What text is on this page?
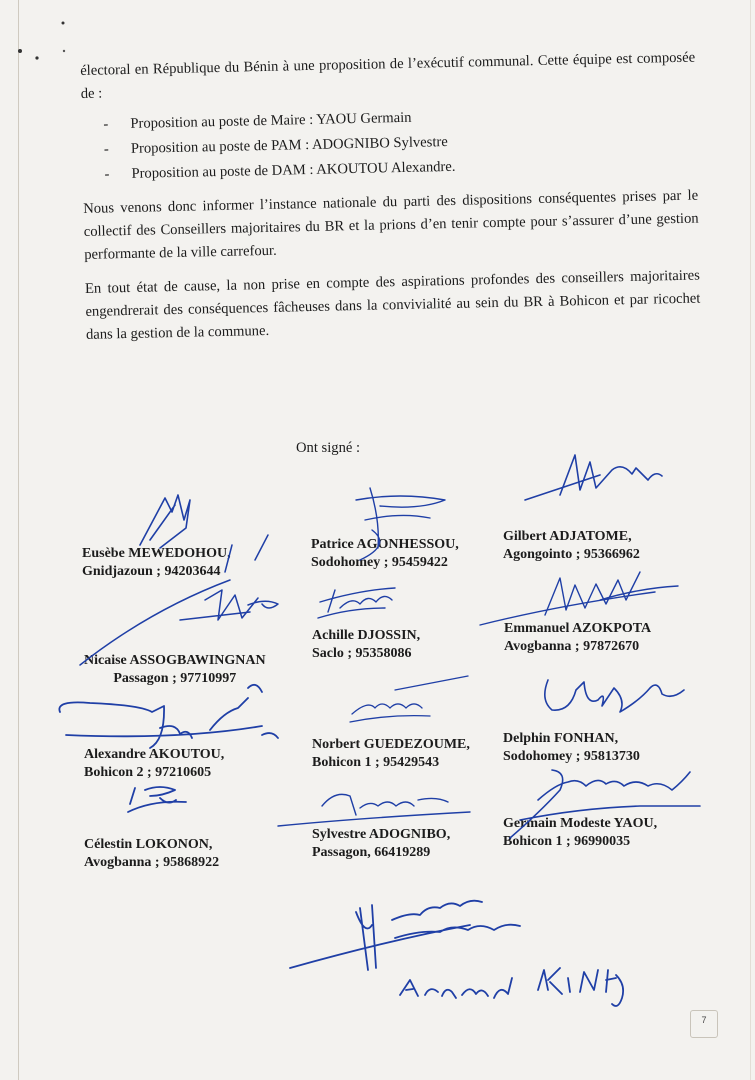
électoral en République du Bénin à une proposition de l’exécutif communal. Cette équipe est composée de :

- Proposition au poste de Maire : YAOU Germain
- Proposition au poste de PAM : ADOGNIBO Sylvestre
- Proposition au poste de DAM : AKOUTOU Alexandre.

Nous venons donc informer l’instance nationale du parti des dispositions conséquentes prises par le collectif des Conseillers majoritaires du BR et la prions d’en tenir compte pour s’assurer d’une gestion performante de la ville carrefour.

En tout état de cause, la non prise en compte des aspirations profondes des conseillers majoritaires engendrerait des conséquences fâcheuses dans la convivialité au sein du BR à Bohicon et par ricochet dans la gestion de la commune.

Ont signé :
Eusèbe MEWEDOHOU,
Gnidjazoun ; 94203644
Patrice AGONHESSOU,
Sodohomey ; 95459422
Gilbert ADJATOME,
Agongointo ; 95366962
Nicaise ASSOGBAWINGNAN
Passagon ; 97710997
Achille DJOSSIN,
Saclo ; 95358086
Emmanuel AZOKPOTA
Avogbanna ; 97872670
Alexandre AKOUTOU,
Bohicon 2 ; 97210605
Norbert GUEDEZOUME,
Bohicon 1 ; 95429543
Delphin FONHAN,
Sodohomey ; 95813730
Célestin LOKONON,
Avogbanna ; 95868922
Sylvestre ADOGNIBO,
Passagon, 66419289
Germain Modeste YAOU,
Bohicon 1 ; 96990035
7
